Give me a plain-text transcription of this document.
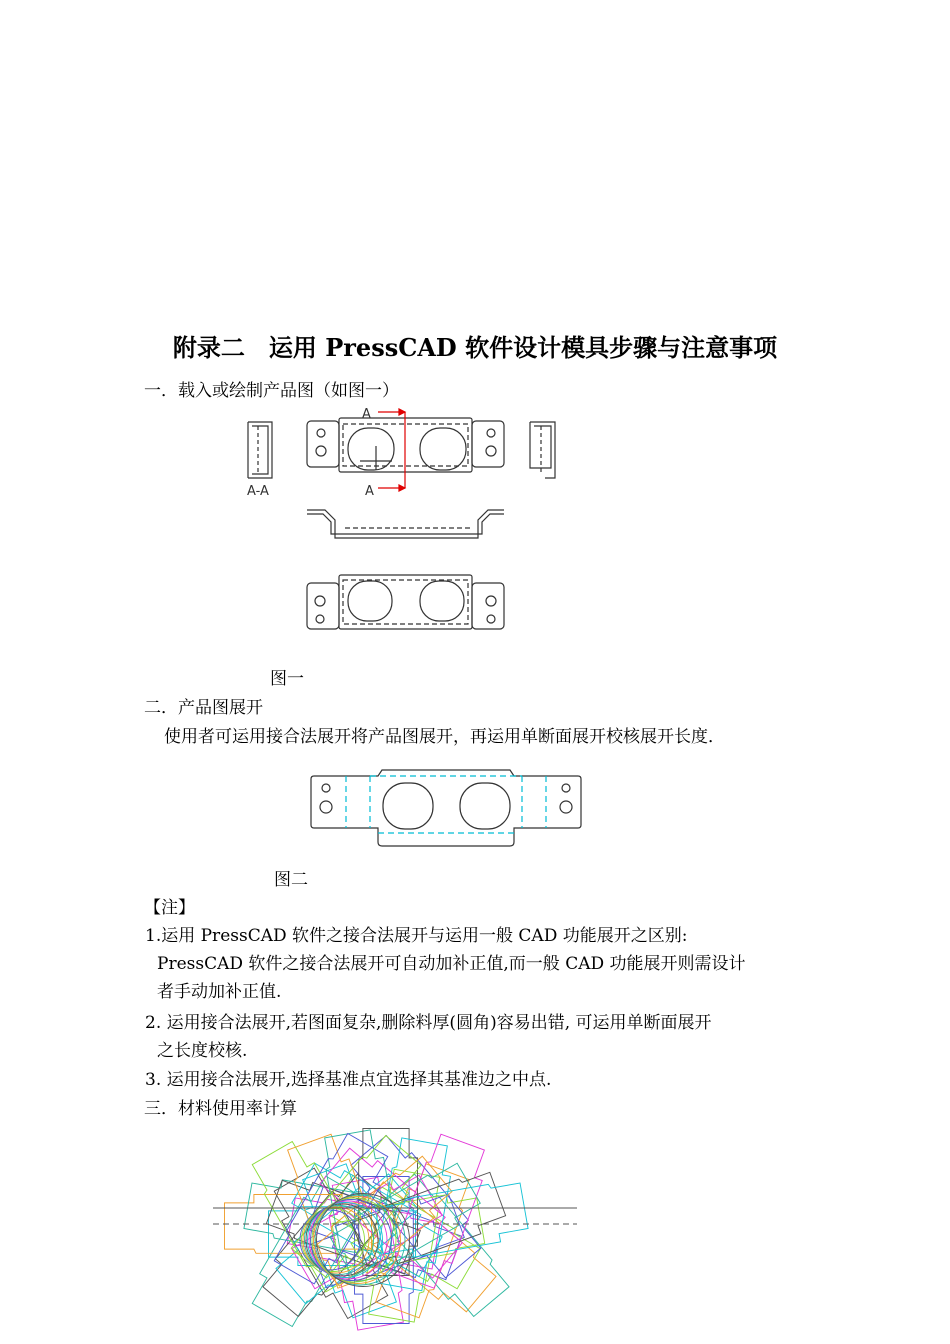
附录二　运用 PressCAD 软件设计模具步骤与注意事项
一．载入或绘制产品图（如图一）
A
A
A-A
图一
二．产品图展开
使用者可运用接合法展开将产品图展开，再运用单断面展开校核展开长度．
图二
【注】
1.运用 PressCAD 软件之接合法展开与运用一般 CAD 功能展开之区别:
PressCAD 软件之接合法展开可自动加补正值,而一般 CAD 功能展开则需设计
者手动加补正值.
2. 运用接合法展开,若图面复杂,删除料厚(圆角)容易出错, 可运用单断面展开
之长度校核.
3. 运用接合法展开,选择基准点宜选择其基准边之中点.
三．材料使用率计算
